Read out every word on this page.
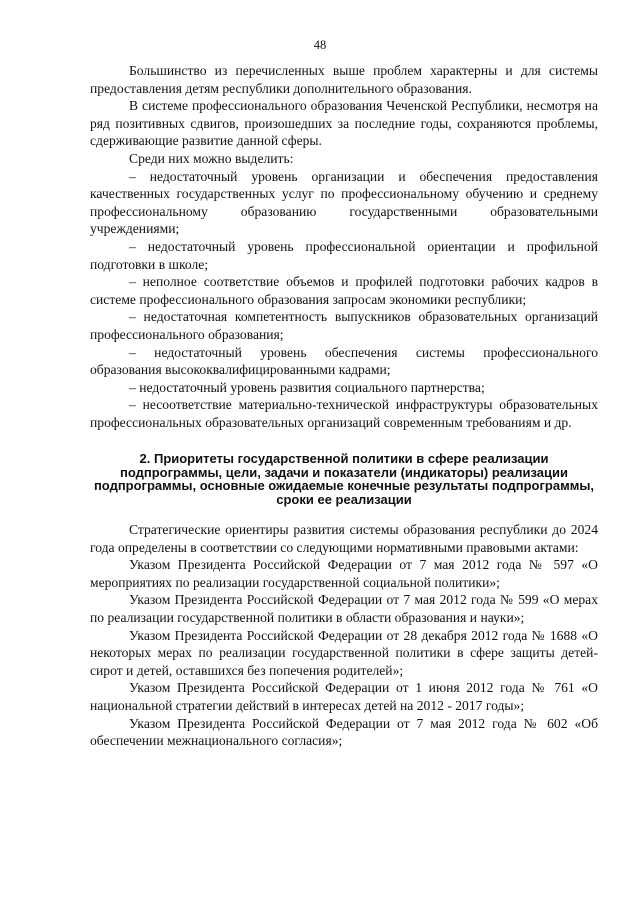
48

Большинство из перечисленных выше проблем характерны и для системы предоставления детям республики дополнительного образования.

В системе профессионального образования Чеченской Республики, несмотря на ряд позитивных сдвигов, произошедших за последние годы, сохраняются проблемы, сдерживающие развитие данной сферы.

Среди них можно выделить:

– недостаточный уровень организации и обеспечения предоставления качественных государственных услуг по профессиональному обучению и среднему профессиональному образованию государственными образовательными учреждениями;

– недостаточный уровень профессиональной ориентации и профильной подготовки в школе;

– неполное соответствие объемов и профилей подготовки рабочих кадров в системе профессионального образования запросам экономики республики;

– недостаточная компетентность выпускников образовательных организаций профессионального образования;

– недостаточный уровень обеспечения системы профессионального образования высококвалифицированными кадрами;

– недостаточный уровень развития социального партнерства;

– несоответствие материально-технической инфраструктуры образовательных профессиональных образовательных организаций современным требованиям и др.

2. Приоритеты государственной политики в сфере реализации подпрограммы, цели, задачи и показатели (индикаторы) реализации подпрограммы, основные ожидаемые конечные результаты подпрограммы, сроки ее реализации

Стратегические ориентиры развития системы образования республики до 2024 года определены в соответствии со следующими нормативными правовыми актами:

Указом Президента Российской Федерации от 7 мая 2012 года № 597 «О мероприятиях по реализации государственной социальной политики»;

Указом Президента Российской Федерации от 7 мая 2012 года № 599 «О мерах по реализации государственной политики в области образования и науки»;

Указом Президента Российской Федерации от 28 декабря 2012 года № 1688 «О некоторых мерах по реализации государственной политики в сфере защиты детей-сирот и детей, оставшихся без попечения родителей»;

Указом Президента Российской Федерации от 1 июня 2012 года № 761 «О национальной стратегии действий в интересах детей на 2012 - 2017 годы»;

Указом Президента Российской Федерации от 7 мая 2012 года № 602 «Об обеспечении межнационального согласия»;
